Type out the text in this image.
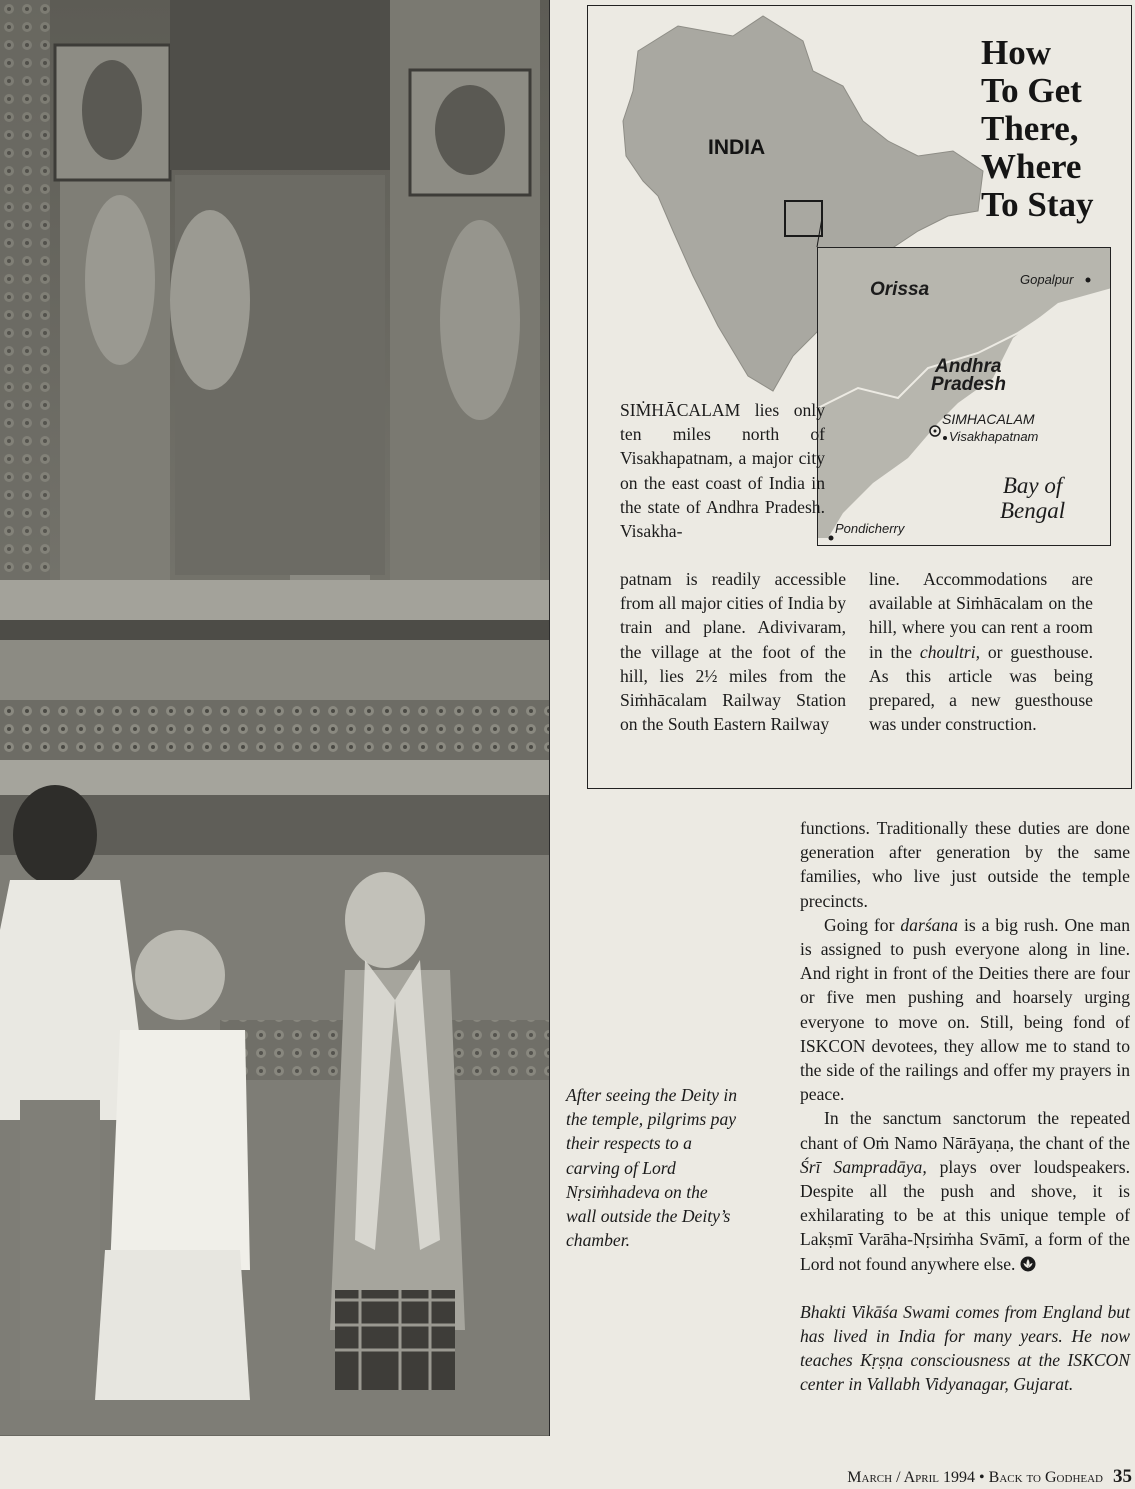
INDIA
How
To Get
There,
Where
To Stay
Orissa	Gopalpur
Andhra
Pradesh
SIMHACALAM
Visakhapatnam
Bay of
Bengal
Pondicherry
SIṀHĀCALAM lies only ten miles north of Visakhapatnam, a major city on the east coast of India in the state of Andhra Pradesh. Visakha-
patnam is readily accessible from all major cities of India by train and plane. Adivivaram, the village at the foot of the hill, lies 2½ miles from the Siṁhācalam Railway Station on the South Eastern Railway
line. Accommodations are available at Siṁhācalam on the hill, where you can rent a room in the choultri, or guesthouse. As this article was being prepared, a new guesthouse was under construction.
After seeing the Deity in the temple, pilgrims pay their respects to a carving of Lord Nṛsiṁhadeva on the wall outside the Deity’s chamber.

functions. Traditionally these duties are done generation after generation by the same families, who live just outside the temple precincts.

Going for darśana is a big rush. One man is assigned to push everyone along in line. And right in front of the Deities there are four or five men pushing and hoarsely urging everyone to move on. Still, being fond of ISKCON devotees, they allow me to stand to the side of the railings and offer my prayers in peace.

In the sanctum sanctorum the repeated chant of Oṁ Namo Nārāyaṇa, the chant of the Śrī Sampradāya, plays over loudspeakers. Despite all the push and shove, it is exhilarating to be at this unique temple of Lakṣmī Varāha-Nṛsiṁha Svāmī, a form of the Lord not found anywhere else.

Bhakti Vikāśa Swami comes from England but has lived in India for many years. He now teaches Kṛṣṇa consciousness at the ISKCON center in Vallabh Vidyanagar, Gujarat.

March / April 1994 • Back to Godhead 35
